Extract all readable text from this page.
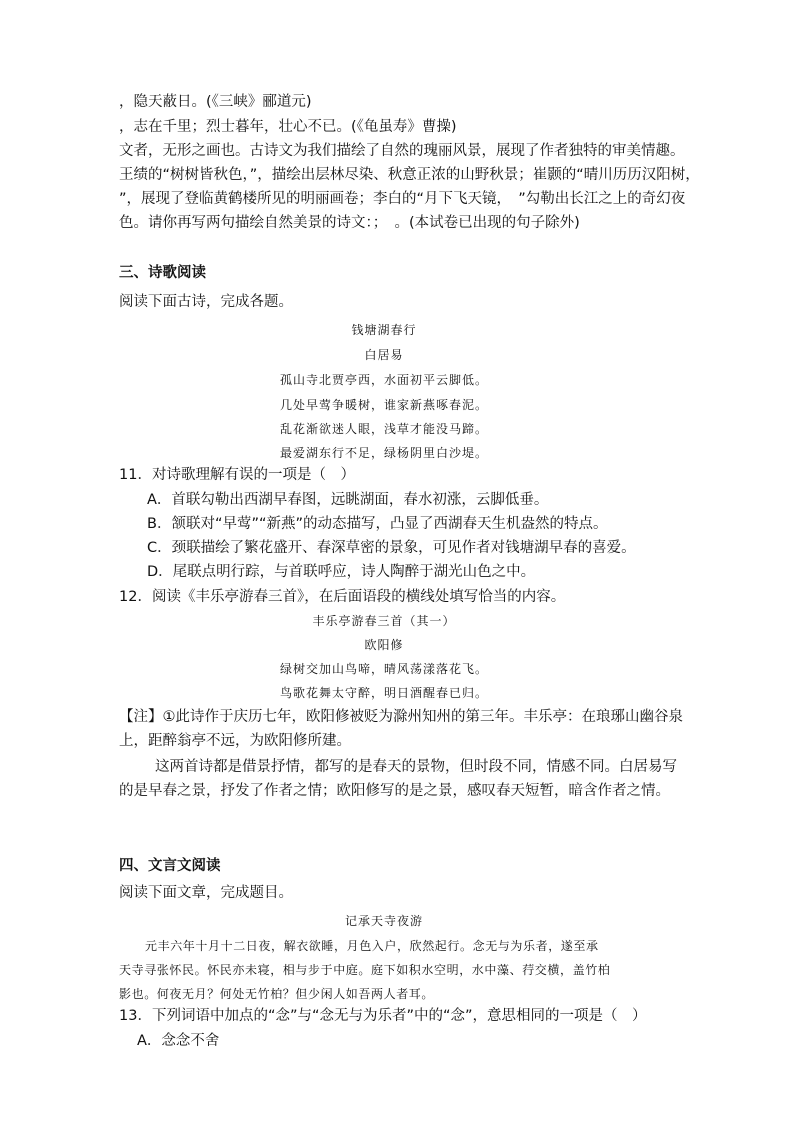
，隐天蔽日。(《三峡》郦道元)
，志在千里；烈士暮年，壮心不已。(《龟虽寿》曹操)
文者，无形之画也。古诗文为我们描绘了自然的瑰丽风景，展现了作者独特的审美情趣。
王绩的“树树皆秋色，”，描绘出层林尽染、秋意正浓的山野秋景；崔颢的“晴川历历汉阳树，
”，展现了登临黄鹤楼所见的明丽画卷；李白的“月下飞天镜，　”勾勒出长江之上的奇幻夜
色。请你再写两句描绘自然美景的诗文：；　。(本试卷已出现的句子除外)
三、诗歌阅读
阅读下面古诗，完成各题。
钱塘湖春行
白居易
孤山寺北贾亭西，水面初平云脚低。
几处早莺争暖树，谁家新燕啄春泥。
乱花渐欲迷人眼，浅草才能没马蹄。
最爱湖东行不足，绿杨阴里白沙堤。
11．对诗歌理解有误的一项是（　）
A．首联勾勒出西湖早春图，远眺湖面，春水初涨，云脚低垂。
B．颔联对“早莺”“新燕”的动态描写，凸显了西湖春天生机盎然的特点。
C．颈联描绘了繁花盛开、春深草密的景象，可见作者对钱塘湖早春的喜爱。
D．尾联点明行踪，与首联呼应，诗人陶醉于湖光山色之中。
12．阅读《丰乐亭游春三首》，在后面语段的横线处填写恰当的内容。
丰乐亭游春三首（其一）
欧阳修
绿树交加山鸟啼，晴风荡漾落花飞。
鸟歌花舞太守醉，明日酒醒春已归。
【注】①此诗作于庆历七年，欧阳修被贬为滁州知州的第三年。丰乐亭：在琅琊山幽谷泉
上，距醉翁亭不远，为欧阳修所建。
这两首诗都是借景抒情，都写的是春天的景物，但时段不同，情感不同。白居易写
的是早春之景，抒发了作者之情；欧阳修写的是之景，感叹春天短暂，暗含作者之情。
四、文言文阅读
阅读下面文章，完成题目。
记承天寺夜游
元丰六年十月十二日夜，解衣欲睡，月色入户，欣然起行。念无与为乐者，遂至承
天寺寻张怀民。怀民亦未寝，相与步于中庭。庭下如积水空明，水中藻、荇交横，盖竹柏
影也。何夜无月？何处无竹柏？但少闲人如吾两人者耳。
13．下列词语中加点的“念”与“念无与为乐者”中的“念”，意思相同的一项是（　）
A．念念不舍
